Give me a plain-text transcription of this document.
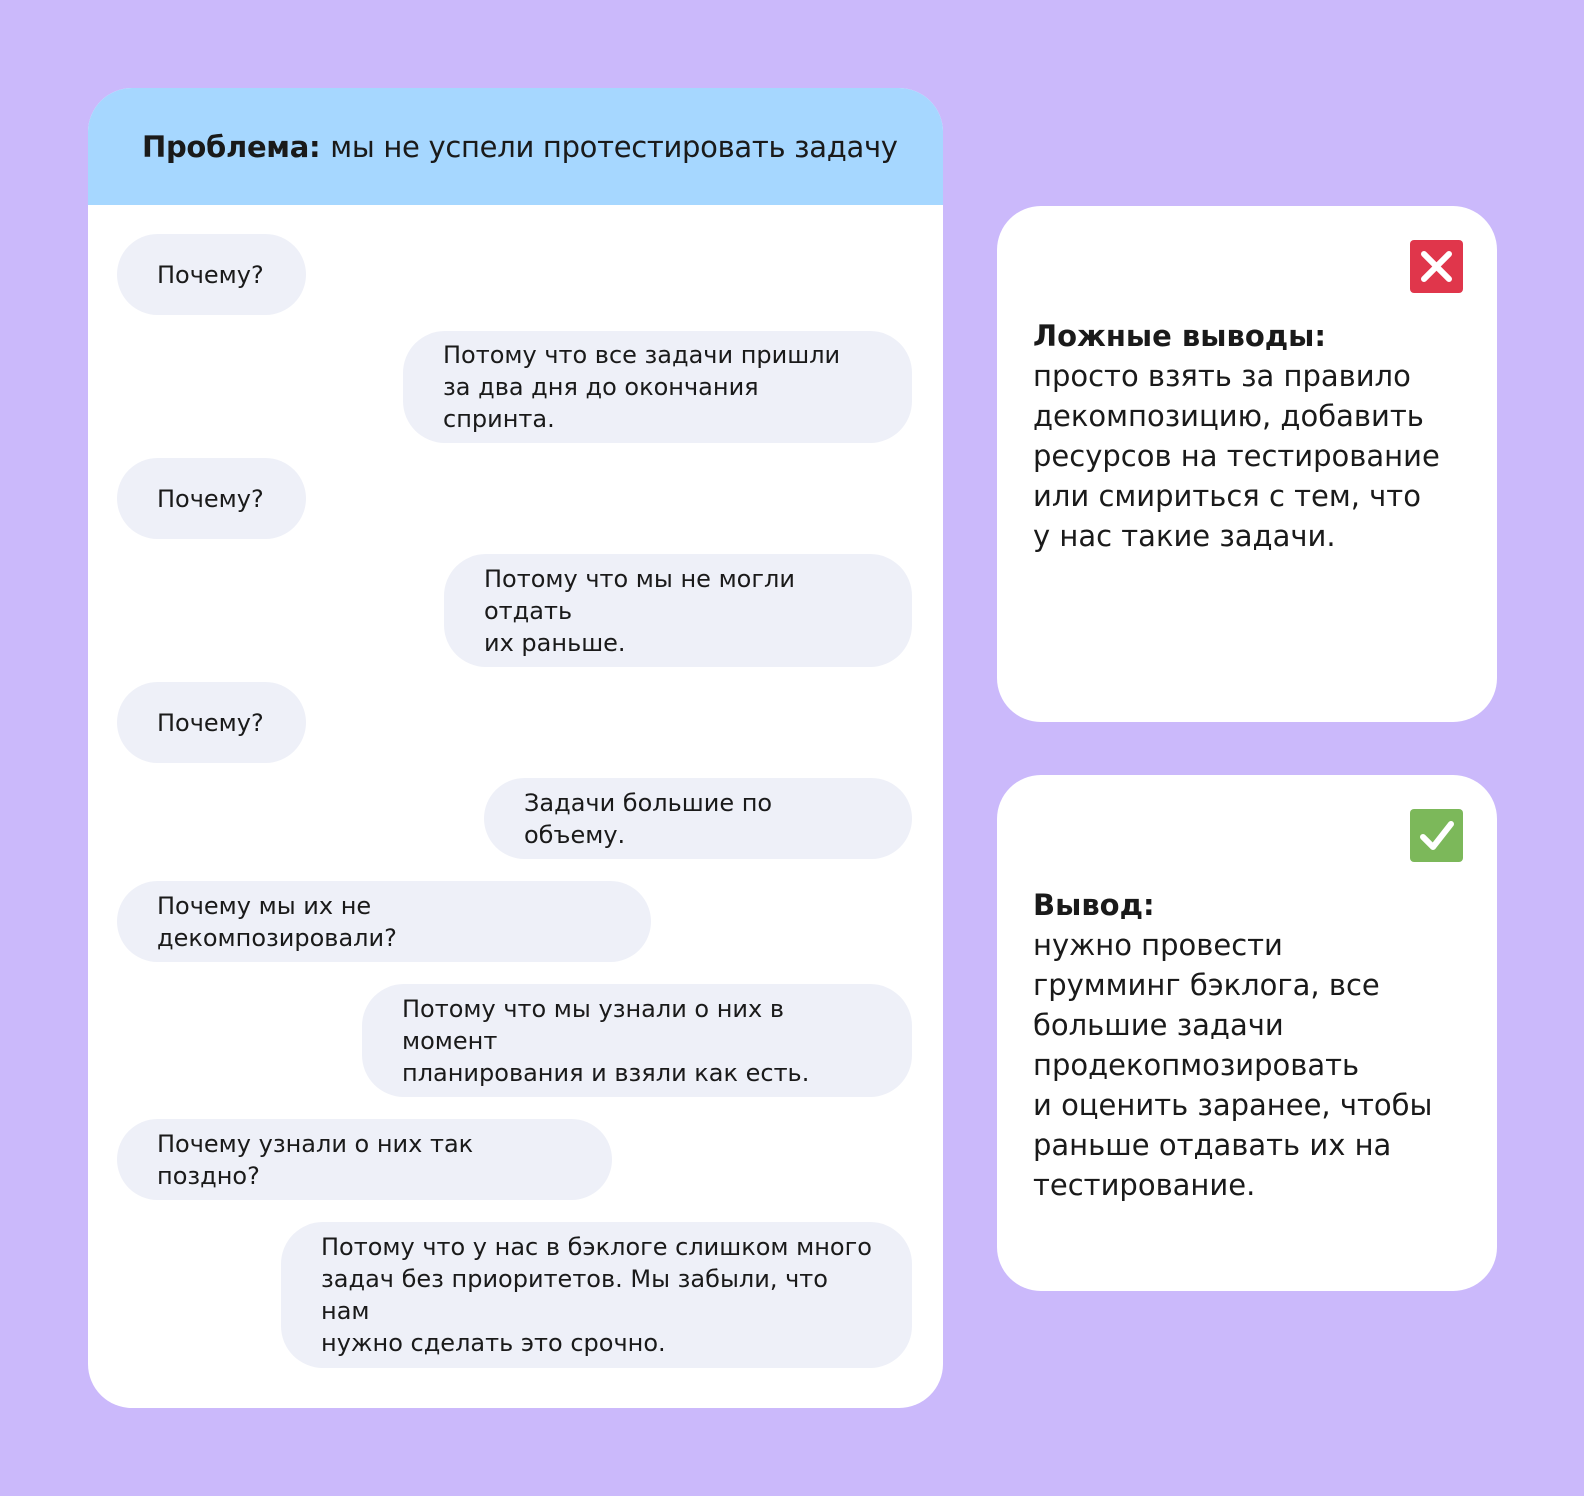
Проблема: мы не успели протестировать задачу
Почему?
Потому что все задачи пришли
за два дня до окончания спринта.
Почему?
Потому что мы не могли отдать
их раньше.
Почему?
Задачи большие по объему.
Почему мы их не декомпозировали?
Потому что мы узнали о них в момент
планирования и взяли как есть.
Почему узнали о них так поздно?
Потому что у нас в бэклоге слишком много
задач без приоритетов. Мы забыли, что нам
нужно сделать это срочно.
Ложные выводы:
просто взять за правило
декомпозицию, добавить
ресурсов на тестирование
или смириться с тем, что
у нас такие задачи.
Вывод:
нужно провести
грумминг бэклога, все
большие задачи
продекопмозировать
и оценить заранее, чтобы
раньше отдавать их на
тестирование.
